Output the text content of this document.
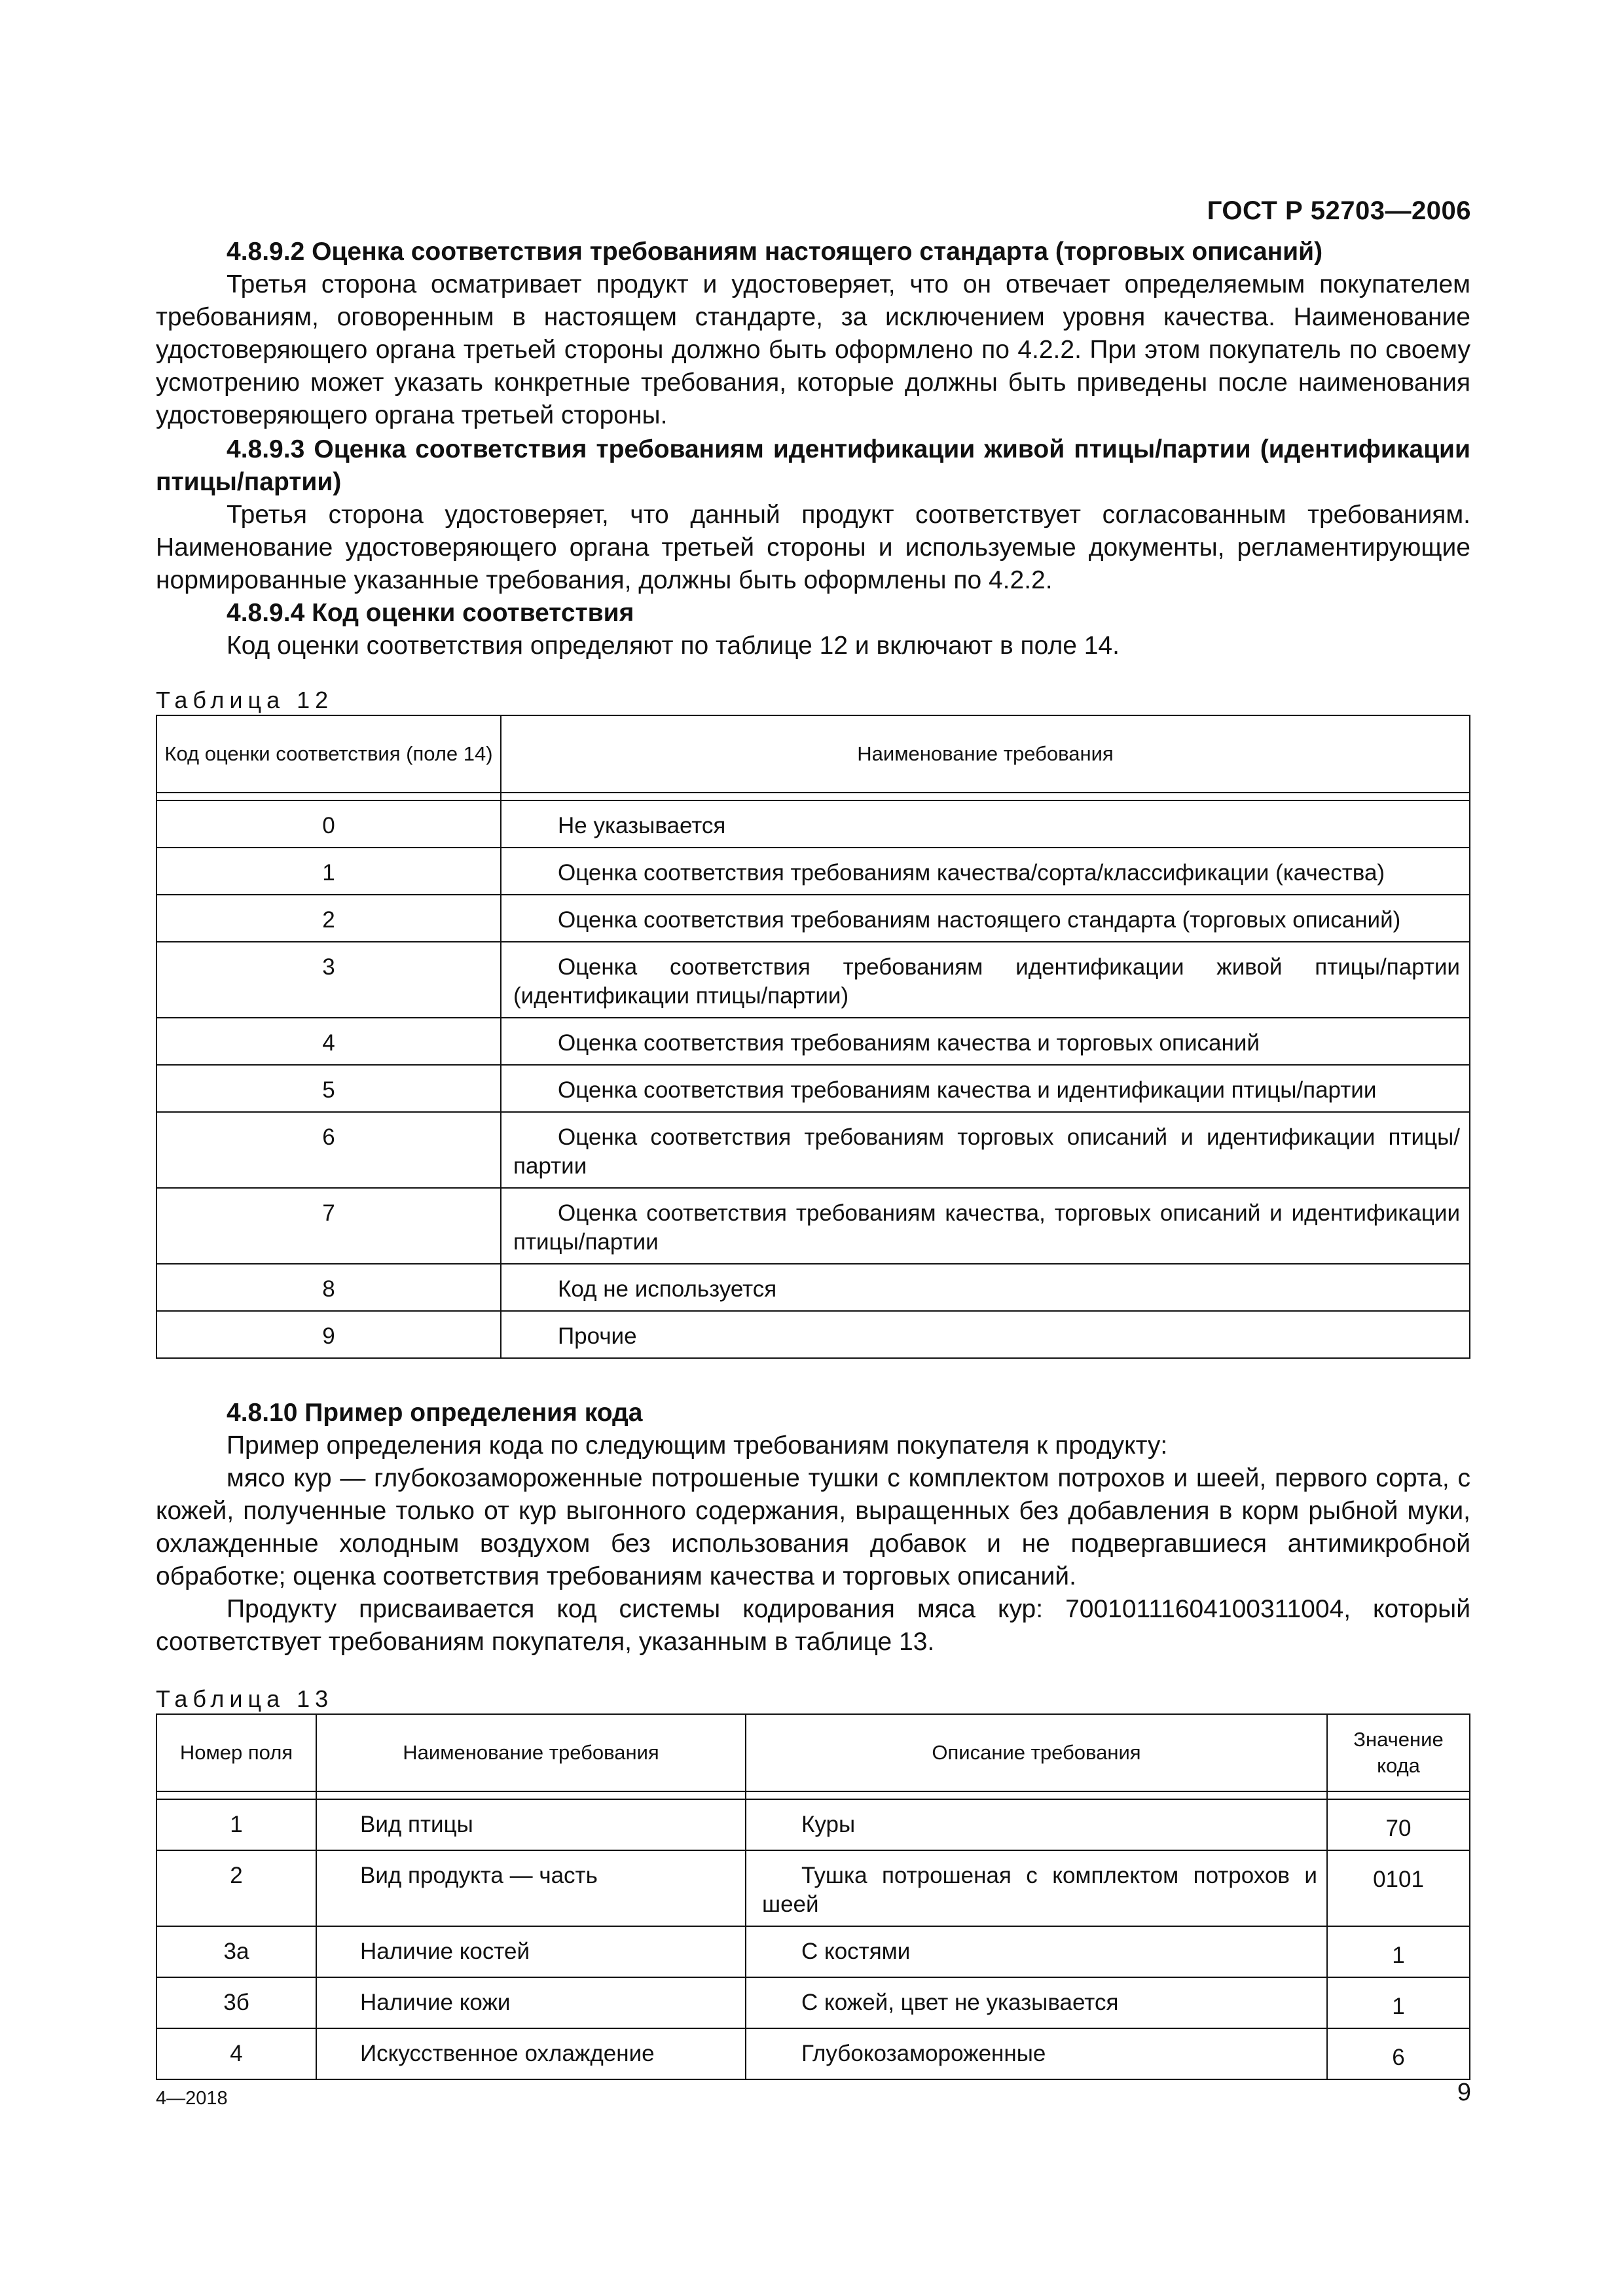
ГОСТ Р 52703—2006

4.8.9.2 Оценка соответствия требованиям настоящего стандарта (торговых описаний)

Третья сторона осматривает продукт и удостоверяет, что он отвечает определяемым покупателем требованиям, оговоренным в настоящем стандарте, за исключением уровня качества. Наименование удостоверяющего органа третьей стороны должно быть оформлено по 4.2.2. При этом покупатель по своему усмотрению может указать конкретные требования, которые должны быть приведены после наименования удостоверяющего органа третьей стороны.

4.8.9.3 Оценка соответствия требованиям идентификации живой птицы/партии (идентификации птицы/партии)

Третья сторона удостоверяет, что данный продукт соответствует согласованным требованиям. Наименование удостоверяющего органа третьей стороны и используемые документы, регламентирующие нормированные указанные требования, должны быть оформлены по 4.2.2.

4.8.9.4 Код оценки соответствия

Код оценки соответствия определяют по таблице 12 и включают в поле 14.

Таблица 12

Код оценки соответствия (поле 14)	Наименование требования

0	Не указывается
1	Оценка соответствия требованиям качества/сорта/классификации (качества)
2	Оценка соответствия требованиям настоящего стандарта (торговых описаний)
3	Оценка соответствия требованиям идентификации живой птицы/партии (идентификации птицы/партии)
4	Оценка соответствия требованиям качества и торговых описаний
5	Оценка соответствия требованиям качества и идентификации птицы/партии
6	Оценка соответствия требованиям торговых описаний и идентификации птицы/партии
7	Оценка соответствия требованиям качества, торговых описаний и идентификации птицы/партии
8	Код не используется
9	Прочие

4.8.10 Пример определения кода

Пример определения кода по следующим требованиям покупателя к продукту:

мясо кур — глубокозамороженные потрошеные тушки с комплектом потрохов и шеей, первого сорта, с кожей, полученные только от кур выгонного содержания, выращенных без добавления в корм рыбной муки, охлажденные холодным воздухом без использования добавок и не подвергавшиеся антимикробной обработке; оценка соответствия требованиям качества и торговых описаний.

Продукту присваивается код системы кодирования мяса кур: 70010111604100311004, который соответствует требованиям покупателя, указанным в таблице 13.

Таблица 13

Номер поля	Наименование требования	Описание требования	Значение кода

1	Вид птицы	Куры	70
2	Вид продукта — часть	Тушка потрошеная с комплектом потрохов и шеей	0101
3а	Наличие костей	С костями	1
3б	Наличие кожи	С кожей, цвет не указывается	1
4	Искусственное охлаждение	Глубокозамороженные	6
4—2018	9
